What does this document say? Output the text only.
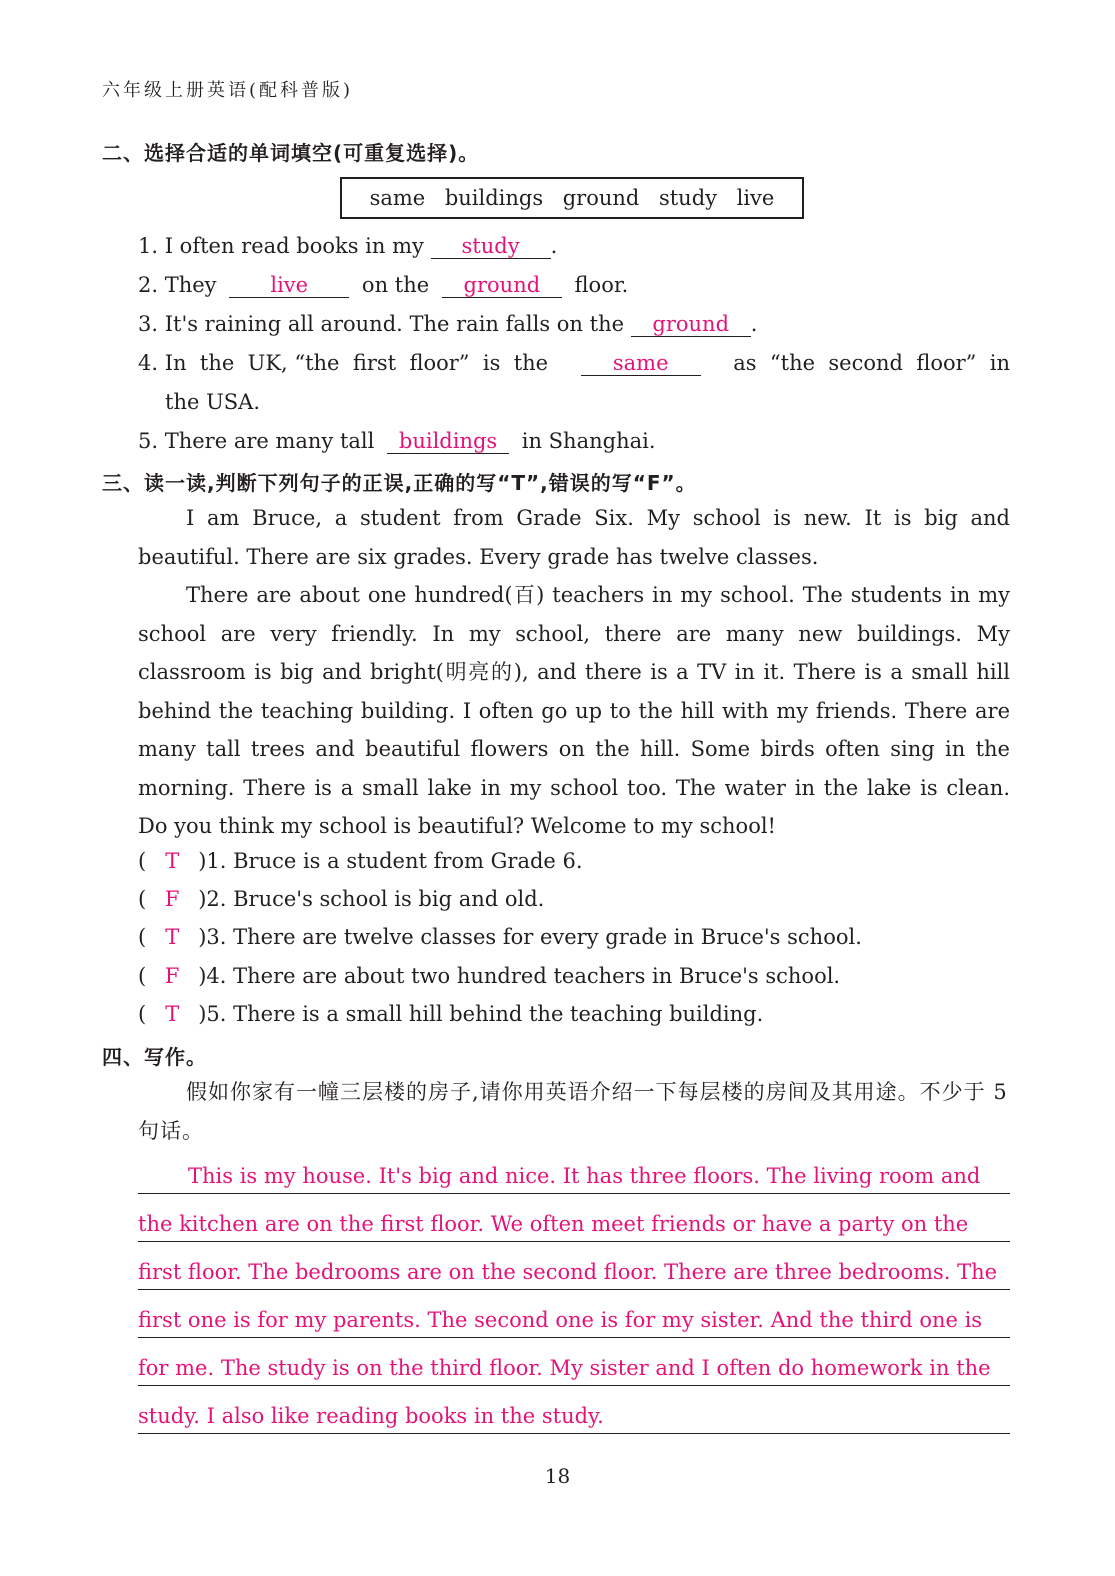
六年级上册英语(配科普版)
二、选择合适的单词填空(可重复选择)。
same buildings ground study live
1. I often read books in my study .
2. They	live	on the ground floor.
3. It's raining all around. The rain falls on the ground .
4. In  the  UK, “the  first  floor”  is  the	same	as  “the  second  floor”  in
the USA.
5. There are many tall buildings in Shanghai.
三、读一读,判断下列句子的正误,正确的写“T”,错误的写“F”。

I am Bruce, a student from Grade Six. My school is new. It is big and beautiful. There are six grades. Every grade has twelve classes.

There are about one hundred(百) teachers in my school. The students in my school are very friendly. In my school, there are many new buildings. My classroom is big and bright(明亮的), and there is a TV in it. There is a small hill behind the teaching building. I often go up to the hill with my friends. There are many tall trees and beautiful flowers on the hill. Some birds often sing in the morning. There is a small lake in my school too. The water in the lake is clean. Do you think my school is beautiful? Welcome to my school!

( T )1. Bruce is a student from Grade 6.
( F )2. Bruce's school is big and old.
( T )3. There are twelve classes for every grade in Bruce's school.
( F )4. There are about two hundred teachers in Bruce's school.
( T )5. There is a small hill behind the teaching building.
四、写作。

假如你家有一幢三层楼的房子,请你用英语介绍一下每层楼的房间及其用途。不少于 5 句话。

This is my house. It's big and nice. It has three floors. The living room and
the kitchen are on the first floor. We often meet friends or have a party on the
first floor. The bedrooms are on the second floor. There are three bedrooms. The
first one is for my parents. The second one is for my sister. And the third one is
for me. The study is on the third floor. My sister and I often do homework in the
study. I also like reading books in the study.
18
